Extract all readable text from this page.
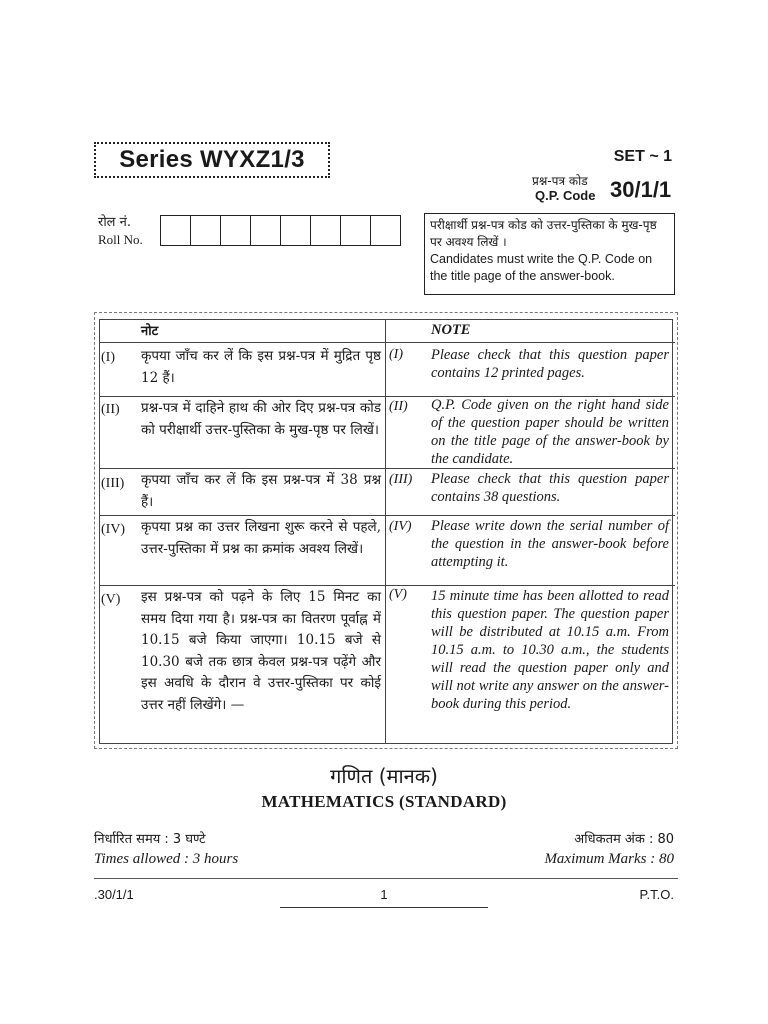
Series WYXZ1/3	SET ~ 1
प्रश्न-पत्र कोड
Q.P. Code 30/1/1
रोल नं.
Roll No.
परीक्षार्थी प्रश्न-पत्र कोड को उत्तर-पुस्तिका के मुख-पृष्ठ पर अवश्य लिखें ।
Candidates must write the Q.P. Code on the title page of the answer-book.
नोट	NOTE
(I) कृपया जाँच कर लें कि इस प्रश्न-पत्र में मुद्रित पृष्ठ 12 हैं।
(I) Please check that this question paper contains 12 printed pages.
(II) प्रश्न-पत्र में दाहिने हाथ की ओर दिए प्रश्न-पत्र कोड को परीक्षार्थी उत्तर-पुस्तिका के मुख-पृष्ठ पर लिखें।
(II) Q.P. Code given on the right hand side of the question paper should be written on the title page of the answer-book by the candidate.
(III) कृपया जाँच कर लें कि इस प्रश्न-पत्र में 38 प्रश्न हैं।
(III) Please check that this question paper contains 38 questions.
(IV) कृपया प्रश्न का उत्तर लिखना शुरू करने से पहले, उत्तर-पुस्तिका में प्रश्न का क्रमांक अवश्य लिखें।
(IV) Please write down the serial number of the question in the answer-book before attempting it.
(V) इस प्रश्न-पत्र को पढ़ने के लिए 15 मिनट का समय दिया गया है। प्रश्न-पत्र का वितरण पूर्वाह्न में 10.15 बजे किया जाएगा। 10.15 बजे से 10.30 बजे तक छात्र केवल प्रश्न-पत्र पढ़ेंगे और इस अवधि के दौरान वे उत्तर-पुस्तिका पर कोई उत्तर नहीं लिखेंगे। —
(V) 15 minute time has been allotted to read this question paper. The question paper will be distributed at 10.15 a.m. From 10.15 a.m. to 10.30 a.m., the students will read the question paper only and will not write any answer on the answer-book during this period.
गणित (मानक)
MATHEMATICS (STANDARD)
निर्धारित समय : 3 घण्टे
Times allowed : 3 hours
अधिकतम अंक : 80
Maximum Marks : 80
.30/1/1	1	P.T.O.
